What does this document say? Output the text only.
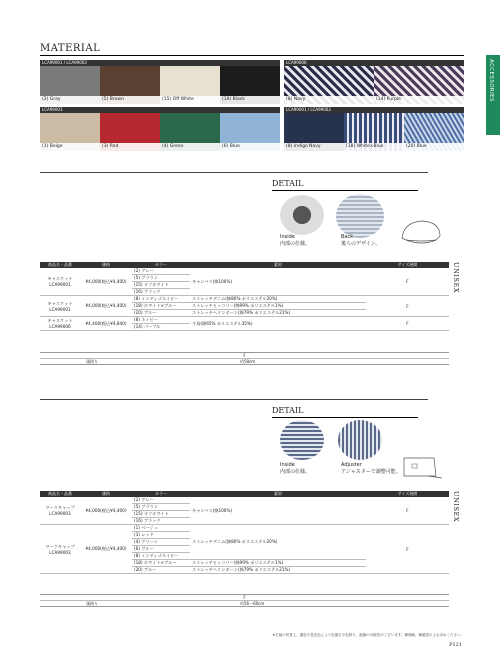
MATERIAL
ACCESSORIES
LCA99001 / LCA99003
(2) Gray	(5) Brown	(15) Off White	(16) Black
LCA99006
(8) Navy	(14) Purple
LCA99003
(1) Beige	(3) Red	(4) Green	(6) Blue
LCA99001 / LCA99003
(8) Indigo Navy	(18) White×Blue	(20) Blue
DETAIL
Inside
内部の仕様。
Back
後ろのデザイン。
商品名・品番	価格	カラー	素材	サイズ展開

キャスケット
LCA99001	¥4,000(税込¥4,400)	(2) グレー	キャンバス(綿100%)	F
		(5) ブラウン		
		(15) オフホワイト		
		(16) ブラック		

キャスケット
LCA99001	¥4,000(税込¥4,400)	(8) インディゴネイビー	ストレッチデニム(綿80% ポリエステル20%)	F
		(18) ホワイト×ブルー	ストレッチヒッコリー(綿99% ポリエステル1%)	
		(20) ブルー	ストレッチヘリンボーン(綿79% ポリエステル21%)	

キャスケット
LCA99006	¥4,400(税込¥4,840)	(8) ネイビー	千鳥(綿65% ポリエステル35%)	F
		(14) パープル		
F
頭囲り	約58cm
UNISEX
DETAIL
Inside
内部の仕様。
Adjuster
アジャスターで調整可能。
商品名・品番	価格	カラー	素材	サイズ展開

ワークキャップ
LCA99003	¥4,000(税込¥4,400)	(2) グレー	キャンバス(綿100%)	F
		(5) ブラウン		
		(15) オフホワイト		
		(16) ブラック		

ワークキャップ
LCA99003	¥4,000(税込¥4,400)	(1) ベージュ	ストレッチデニム(綿80% ポリエステル20%)	F
		(3) レッド		
		(4) グリーン		
		(6) ブルー		
		(8) インディゴネイビー		
		(18) ホワイト×ブルー	ストレッチヒッコリー(綿99% ポリエステル1%)	
		(20) ブルー	ストレッチヘリンボーン(綿79% ポリエステル21%)	
F
頭囲り	約56〜60cm
UNISEX
※生地の性質上、濃色や蛍光色により色落ちや色移り、縮縮の可能性がございます。御理解、御確認の上お求めください。
P121
